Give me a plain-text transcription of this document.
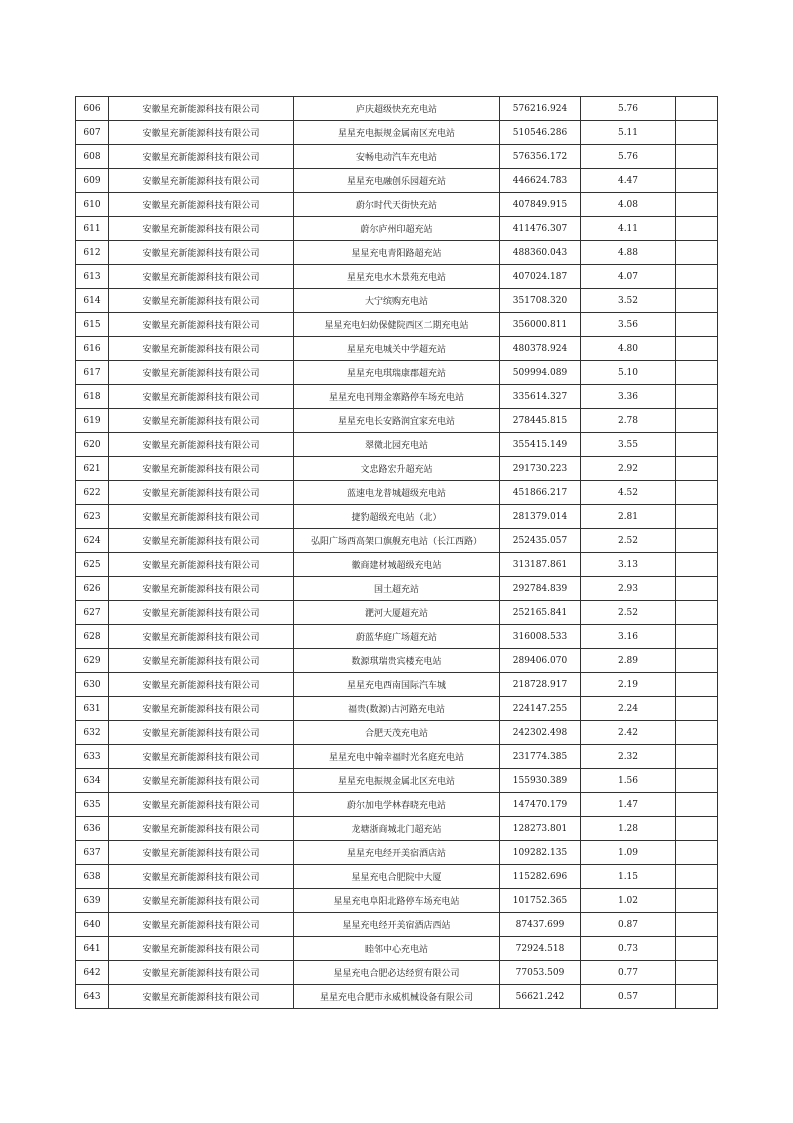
606	安徽星充新能源科技有限公司	庐庆超级快充充电站	576216.924	5.76	
607	安徽星充新能源科技有限公司	星星充电振规金属南区充电站	510546.286	5.11	
608	安徽星充新能源科技有限公司	安畅电动汽车充电站	576356.172	5.76	
609	安徽星充新能源科技有限公司	星星充电融创乐园超充站	446624.783	4.47	
610	安徽星充新能源科技有限公司	蔚尔时代天街快充站	407849.915	4.08	
611	安徽星充新能源科技有限公司	蔚尔庐州印超充站	411476.307	4.11	
612	安徽星充新能源科技有限公司	星星充电青阳路超充站	488360.043	4.88	
613	安徽星充新能源科技有限公司	星星充电水木景苑充电站	407024.187	4.07	
614	安徽星充新能源科技有限公司	大宁缤购充电站	351708.320	3.52	
615	安徽星充新能源科技有限公司	星星充电妇幼保健院西区二期充电站	356000.811	3.56	
616	安徽星充新能源科技有限公司	星星充电城关中学超充站	480378.924	4.80	
617	安徽星充新能源科技有限公司	星星充电琪瑞康郡超充站	509994.089	5.10	
618	安徽星充新能源科技有限公司	星星充电刊翔金寨路停车场充电站	335614.327	3.36	
619	安徽星充新能源科技有限公司	星星充电长安路润宜家充电站	278445.815	2.78	
620	安徽星充新能源科技有限公司	翠微北园充电站	355415.149	3.55	
621	安徽星充新能源科技有限公司	文忠路宏升超充站	291730.223	2.92	
622	安徽星充新能源科技有限公司	蓝速电龙普城超级充电站	451866.217	4.52	
623	安徽星充新能源科技有限公司	捷豹超级充电站（北）	281379.014	2.81	
624	安徽星充新能源科技有限公司	弘阳广场西高架口旗舰充电站（长江西路）	252435.057	2.52	
625	安徽星充新能源科技有限公司	徽商建材城超级充电站	313187.861	3.13	
626	安徽星充新能源科技有限公司	国土超充站	292784.839	2.93	
627	安徽星充新能源科技有限公司	淝河大厦超充站	252165.841	2.52	
628	安徽星充新能源科技有限公司	蔚蓝华庭广场超充站	316008.533	3.16	
629	安徽星充新能源科技有限公司	数源琪瑞贵宾楼充电站	289406.070	2.89	
630	安徽星充新能源科技有限公司	星星充电西南国际汽车城	218728.917	2.19	
631	安徽星充新能源科技有限公司	福贵(数源)古河路充电站	224147.255	2.24	
632	安徽星充新能源科技有限公司	合肥天茂充电站	242302.498	2.42	
633	安徽星充新能源科技有限公司	星星充电中翰幸福时光名庭充电站	231774.385	2.32	
634	安徽星充新能源科技有限公司	星星充电振规金属北区充电站	155930.389	1.56	
635	安徽星充新能源科技有限公司	蔚尔加电学林春晓充电站	147470.179	1.47	
636	安徽星充新能源科技有限公司	龙塘浙商城北门超充站	128273.801	1.28	
637	安徽星充新能源科技有限公司	星星充电经开美宿酒店站	109282.135	1.09	
638	安徽星充新能源科技有限公司	星星充电合肥院中大厦	115282.696	1.15	
639	安徽星充新能源科技有限公司	星星充电阜阳北路停车场充电站	101752.365	1.02	
640	安徽星充新能源科技有限公司	星星充电经开美宿酒店西站	87437.699	0.87	
641	安徽星充新能源科技有限公司	睦邻中心充电站	72924.518	0.73	
642	安徽星充新能源科技有限公司	星星充电合肥必达经贸有限公司	77053.509	0.77	
643	安徽星充新能源科技有限公司	星星充电合肥市永威机械设备有限公司	56621.242	0.57	
